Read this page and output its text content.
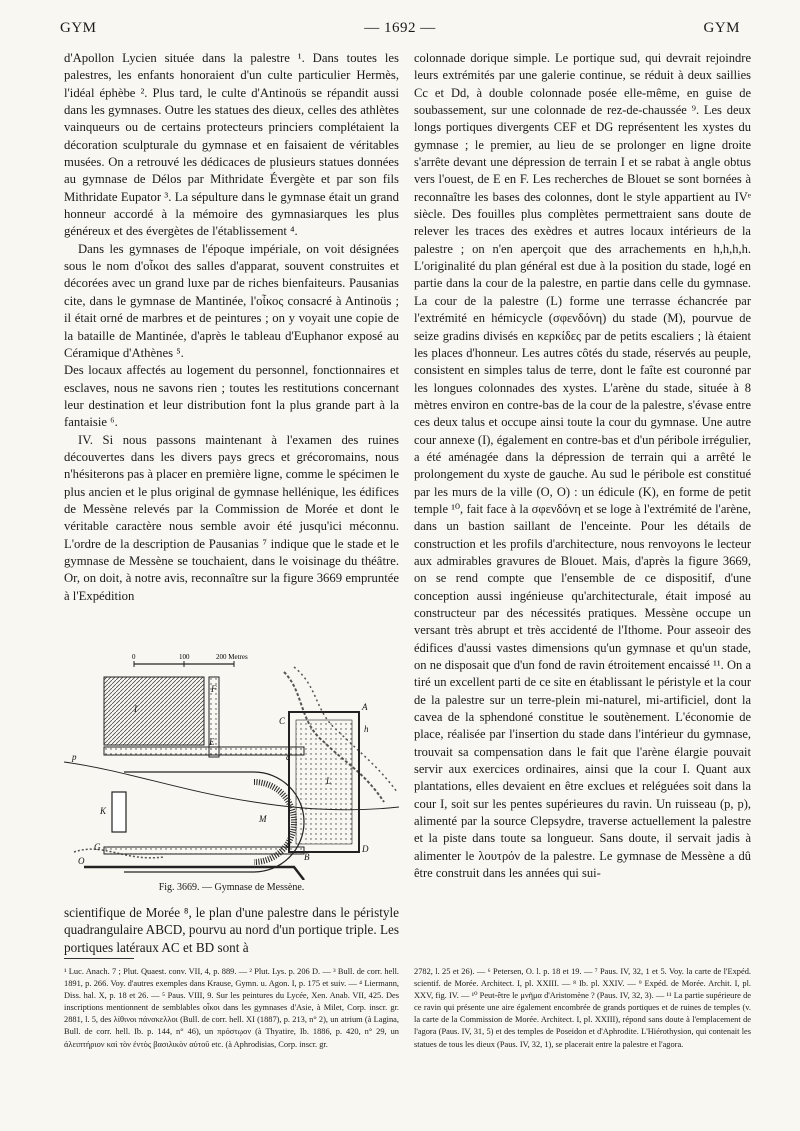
GYM	— 1692 —	GYM

d'Apollon Lycien située dans la palestre ¹. Dans toutes les palestres, les enfants honoraient d'un culte particulier Hermès, l'idéal éphèbe ². Plus tard, le culte d'Antinoüs se répandit aussi dans les gymnases. Outre les statues des dieux, celles des athlètes vainqueurs ou de certains protecteurs princiers complétaient la décoration sculpturale du gymnase et en faisaient de véritables musées. On a retrouvé les dédicaces de plusieurs statues données au gymnase de Délos par Mithridate Évergète et par son fils Mithridate Eupator ³. La sépulture dans le gymnase était un grand honneur accordé à la mémoire des gymnasiarques les plus généreux et des évergètes de l'établissement ⁴.

Dans les gymnases de l'époque impériale, on voit désignées sous le nom d'οἶκοι des salles d'apparat, souvent construites et décorées avec un grand luxe par de riches bienfaiteurs. Pausanias cite, dans le gymnase de Mantinée, l'οἶκος consacré à Antinoüs ; il était orné de marbres et de peintures ; on y voyait une copie de la bataille de Mantinée, d'après le tableau d'Euphanor exposé au Céramique d'Athènes ⁵.

Des locaux affectés au logement du personnel, fonctionnaires et esclaves, nous ne savons rien ; toutes les restitutions concernant leur destination et leur distribution font la plus grande part à la fantaisie ⁶.

IV. Si nous passons maintenant à l'examen des ruines découvertes dans les divers pays grecs et grécoromains, nous n'hésiterons pas à placer en première ligne, comme le spécimen le plus ancien et le plus original de gymnase hellénique, les édifices de Messène relevés par la Commission de Morée et dont le véritable caractère nous semble avoir été jusqu'ici méconnu. L'ordre de la description de Pausanias ⁷ indique que le stade et le gymnase de Messène se touchaient, dans le voisinage du théâtre. Or, on doit, à notre avis, reconnaître sur la figure 3669 empruntée à l'Expédition

0	100	200 Metres
I
F
E
C
A
h
D
B
G
M
L
K
O
p	c
d
Fig. 3669. — Gymnase de Messène.
scientifique de Morée ⁸, le plan d'une palestre dans le péristyle quadrangulaire ABCD, pourvu au nord d'un portique triple. Les portiques latéraux AC et BD sont à
colonnade dorique simple. Le portique sud, qui devrait rejoindre leurs extrémités par une galerie continue, se réduit à deux saillies Cc et Dd, à double colonnade posée elle-même, en guise de soubassement, sur une colonnade de rez-de-chaussée ⁹. Les deux longs portiques divergents CEF et DG représentent les xystes du gymnase ; le premier, au lieu de se prolonger en ligne droite s'arrête devant une dépression de terrain I et se rabat à angle obtus vers l'ouest, de E en F. Les recherches de Blouet se sont bornées à reconnaître les bases des colonnes, dont le style appartient au IVᵉ siècle. Des fouilles plus complètes permettraient sans doute de relever les traces des exèdres et autres locaux intérieurs de la palestre ; on n'en aperçoit que des arrachements en h,h,h,h. L'originalité du plan général est due à la position du stade, logé en partie dans la cour de la palestre, en partie dans celle du gymnase. La cour de la palestre (L) forme une terrasse échancrée par l'extrémité en hémicycle (σφενδόνη) du stade (M), pourvue de seize gradins divisés en κερκίδες par de petits escaliers ; là étaient les places d'honneur. Les autres côtés du stade, réservés au peuple, consistent en simples talus de terre, dont le faîte est couronné par les longues colonnades des xystes. L'arène du stade, située à 8 mètres environ en contre-bas de la cour de la palestre, s'évase entre ces deux talus et occupe ainsi toute la cour du gymnase. Une autre cour annexe (I), également en contre-bas et d'un péribole irrégulier, a été aménagée dans la dépression de terrain qui a arrêté le prolongement du xyste de gauche. Au sud le péribole est constitué par les murs de la ville (O, O) : un édicule (K), en forme de petit temple ¹⁰, fait face à la σφενδόνη et se loge à l'extrémité de l'arène, dans un bastion saillant de l'enceinte. Pour les détails de construction et les profils d'architecture, nous renvoyons le lecteur aux admirables gravures de Blouet. Mais, d'après la figure 3669, on se rend compte que l'ensemble de ce dispositif, d'une conception aussi ingénieuse qu'architecturale, était imposé au constructeur par des nécessités pratiques. Messène occupe un versant très abrupt et très accidenté de l'Ithome. Pour asseoir des édifices d'aussi vastes dimensions qu'un gymnase et qu'un stade, on ne disposait que d'un fond de ravin étroitement encaissé ¹¹. On a tiré un excellent parti de ce site en établissant le péristyle et la cour de la palestre sur un terre-plein mi-naturel, mi-artificiel, dont la cavea de la sphendoné constitue le soutènement. L'économie de place, réalisée par l'insertion du stade dans l'intérieur du gymnase, trouvait sa compensation dans le fait que l'arène élargie pouvait servir aux exercices ordinaires, ainsi que la cour I. Quant aux plantations, elles devaient en être exclues et reléguées soit dans la cour I, soit sur les pentes supérieures du ravin. Un ruisseau (p, p), alimenté par la source Clepsydre, traverse actuellement la palestre et la piste dans toute sa longueur. Sans doute, il servait jadis à alimenter le λουτρόν de la palestre. Le gymnase de Messène a dû être construit dans les années qui sui-
¹ Luc. Anach. 7 ; Plut. Quaest. conv. VII, 4, p. 889. — ² Plut. Lys. p. 206 D. — ³ Bull. de corr. hell. 1891, p. 266. Voy. d'autres exemples dans Krause, Gymn. u. Agon. I, p. 175 et suiv. — ⁴ Liermann, Diss. hal. X, p. 18 et 26. — ⁵ Paus. VIII, 9. Sur les peintures du Lycée, Xen. Anab. VII, 425. Des inscriptions mentionnent de semblables οἶκοι dans les gymnases d'Asie, à Milet, Corp. inscr. gr. 2881, l. 5, des λίθινοι πάνσκελλοι (Bull. de corr. hell. XI (1887), p. 213, n° 2), un atrium (à Lagina, Bull. de corr. hell. Ib. p. 144, n° 46), un πρόστῳον (à Thyatire, Ib. 1886, p. 420, n° 29, un ἀλειπτήριον καὶ τὸν ἐντὸς βασιλικὸν αὐτοῦ etc. (à Aphrodisias, Corp. inscr. gr.
2782, l. 25 et 26). — ⁶ Petersen, O. l. p. 18 et 19. — ⁷ Paus. IV, 32, 1 et 5. Voy. la carte de l'Expéd. scientif. de Morée. Architect. I, pl. XXIII. — ⁸ Ib. pl. XXIV. — ⁹ Expéd. de Morée. Archit. I, pl. XXV, fig. IV. — ¹⁰ Peut-être le μνῆμα d'Aristomène ? (Paus. IV, 32, 3). — ¹¹ La partie supérieure de ce ravin qui présente une aire également encombrée de grands portiques et de ruines de temples (v. la carte de la Commission de Morée. Architect. I, pl. XXIII), répond sans doute à l'emplacement de l'agora (Paus. IV, 31, 5) et des temples de Poseidon et d'Aphrodite. L'Hiérothysion, qui contenait les statues de tous les dieux (Paus. IV, 32, 1), se placerait entre la palestre et l'agora.
